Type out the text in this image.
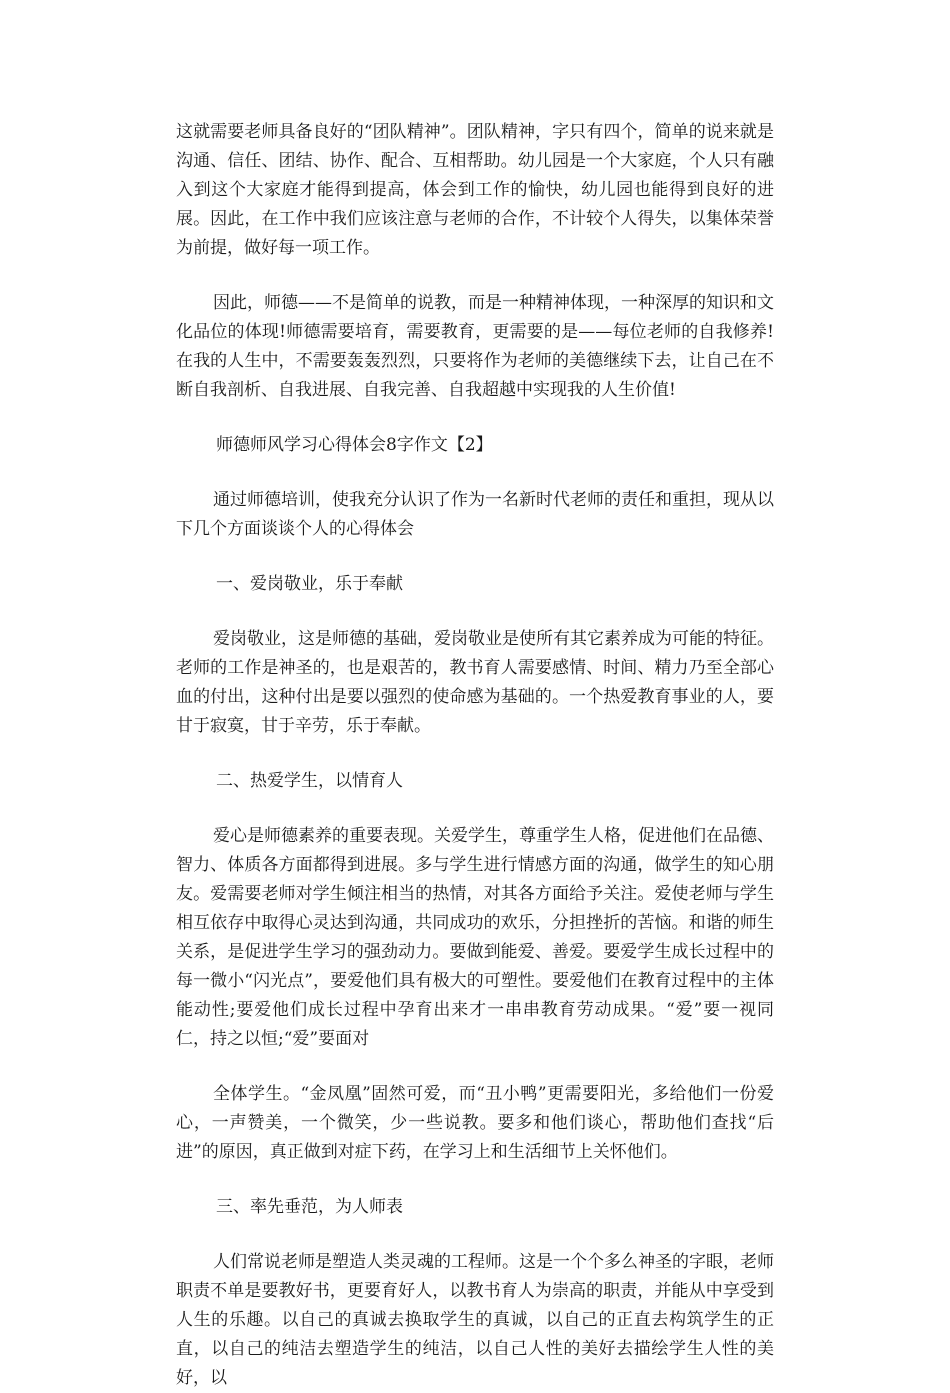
这就需要老师具备良好的“团队精神”。团队精神，字只有四个，简单的说来就是沟通、信任、团结、协作、配合、互相帮助。幼儿园是一个大家庭，个人只有融入到这个大家庭才能得到提高，体会到工作的愉快，幼儿园也能得到良好的进展。因此，在工作中我们应该注意与老师的合作，不计较个人得失，以集体荣誉为前提，做好每一项工作。

因此，师德——不是简单的说教，而是一种精神体现，一种深厚的知识和文化品位的体现!师德需要培育，需要教育，更需要的是——每位老师的自我修养!在我的人生中，不需要轰轰烈烈，只要将作为老师的美德继续下去，让自己在不断自我剖析、自我进展、自我完善、自我超越中实现我的人生价值!

师德师风学习心得体会8字作文【2】

通过师德培训，使我充分认识了作为一名新时代老师的责任和重担，现从以下几个方面谈谈个人的心得体会

一、爱岗敬业，乐于奉献

爱岗敬业，这是师德的基础，爱岗敬业是使所有其它素养成为可能的特征。老师的工作是神圣的，也是艰苦的，教书育人需要感情、时间、精力乃至全部心血的付出，这种付出是要以强烈的使命感为基础的。一个热爱教育事业的人，要甘于寂寞，甘于辛劳，乐于奉献。

二、热爱学生，以情育人

爱心是师德素养的重要表现。关爱学生，尊重学生人格，促进他们在品德、智力、体质各方面都得到进展。多与学生进行情感方面的沟通，做学生的知心朋友。爱需要老师对学生倾注相当的热情，对其各方面给予关注。爱使老师与学生相互依存中取得心灵达到沟通，共同成功的欢乐，分担挫折的苦恼。和谐的师生关系，是促进学生学习的强劲动力。要做到能爱、善爱。要爱学生成长过程中的每一微小“闪光点”，要爱他们具有极大的可塑性。要爱他们在教育过程中的主体能动性;要爱他们成长过程中孕育出来才一串串教育劳动成果。“爱”要一视同仁，持之以恒;“爱”要面对

全体学生。“金凤凰”固然可爱，而“丑小鸭”更需要阳光，多给他们一份爱心，一声赞美，一个微笑，少一些说教。要多和他们谈心，帮助他们查找“后进”的原因，真正做到对症下药，在学习上和生活细节上关怀他们。

三、率先垂范，为人师表

人们常说老师是塑造人类灵魂的工程师。这是一个个多么神圣的字眼，老师职责不单是要教好书，更要育好人，以教书育人为崇高的职责，并能从中享受到人生的乐趣。以自己的真诚去换取学生的真诚，以自己的正直去构筑学生的正直，以自己的纯洁去塑造学生的纯洁，以自己人性的美好去描绘学生人性的美好，以
